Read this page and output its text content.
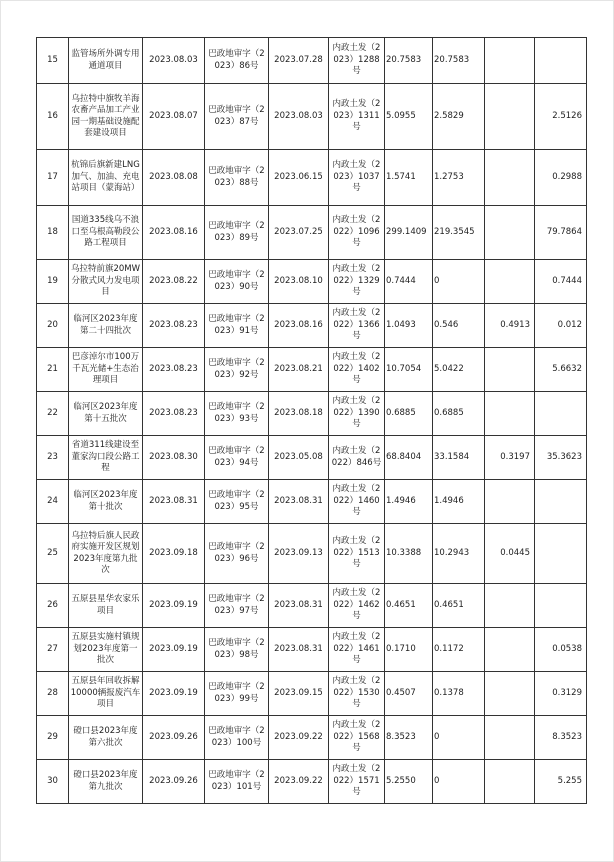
15	监管场所外调专用通道项目	2023.08.03	巴政地审字（2023）86号	2023.07.28	内政土发（2023）1288号	20.7583	20.7583		
16	乌拉特中旗牧羊海农畜产品加工产业园一期基础设施配套建设项目	2023.08.07	巴政地审字（2023）87号	2023.08.03	内政土发（2023）1311号	5.0955	2.5829		2.5126
17	杭锦后旗新建LNG加气、加油、充电站项目（蒙海站）	2023.08.08	巴政地审字（2023）88号	2023.06.15	内政土发（2023）1037号	1.5741	1.2753		0.2988
18	国道335线乌不浪口至乌根高勒段公路工程项目	2023.08.16	巴政地审字（2023）89号	2023.07.25	内政土发（2022）1096号	299.1409	219.3545		79.7864
19	乌拉特前旗20MW分散式风力发电项目	2023.08.22	巴政地审字（2023）90号	2023.08.10	内政土发（2022）1329号	0.7444	0		0.7444
20	临河区2023年度第二十四批次	2023.08.23	巴政地审字（2023）91号	2023.08.16	内政土发（2022）1366号	1.0493	0.546	0.4913	0.012
21	巴彦淖尔市100万千瓦光储+生态治理项目	2023.08.23	巴政地审字（2023）92号	2023.08.21	内政土发（2022）1402号	10.7054	5.0422		5.6632
22	临河区2023年度第十五批次	2023.08.23	巴政地审字（2023）93号	2023.08.18	内政土发（2022）1390号	0.6885	0.6885		
23	省道311线建设至董家沟口段公路工程	2023.08.30	巴政地审字（2023）94号	2023.05.08	内政土发（2022）846号	68.8404	33.1584	0.3197	35.3623
24	临河区2023年度第十批次	2023.08.31	巴政地审字（2023）95号	2023.08.31	内政土发（2022）1460号	1.4946	1.4946		
25	乌拉特后旗人民政府实施开发区规划2023年度第九批次	2023.09.18	巴政地审字（2023）96号	2023.09.13	内政土发（2022）1513号	10.3388	10.2943	0.0445	
26	五原县星华农家乐项目	2023.09.19	巴政地审字（2023）97号	2023.08.31	内政土发（2022）1462号	0.4651	0.4651		
27	五原县实施村镇规划2023年度第一批次	2023.09.19	巴政地审字（2023）98号	2023.08.31	内政土发（2022）1461号	0.1710	0.1172		0.0538
28	五原县年回收拆解10000辆报废汽车项目	2023.09.19	巴政地审字（2023）99号	2023.09.15	内政土发（2022）1530号	0.4507	0.1378		0.3129
29	磴口县2023年度第六批次	2023.09.26	巴政地审字（2023）100号	2023.09.22	内政土发（2022）1568号	8.3523	0		8.3523
30	磴口县2023年度第九批次	2023.09.26	巴政地审字（2023）101号	2023.09.22	内政土发（2022）1571号	5.2550	0		5.255
